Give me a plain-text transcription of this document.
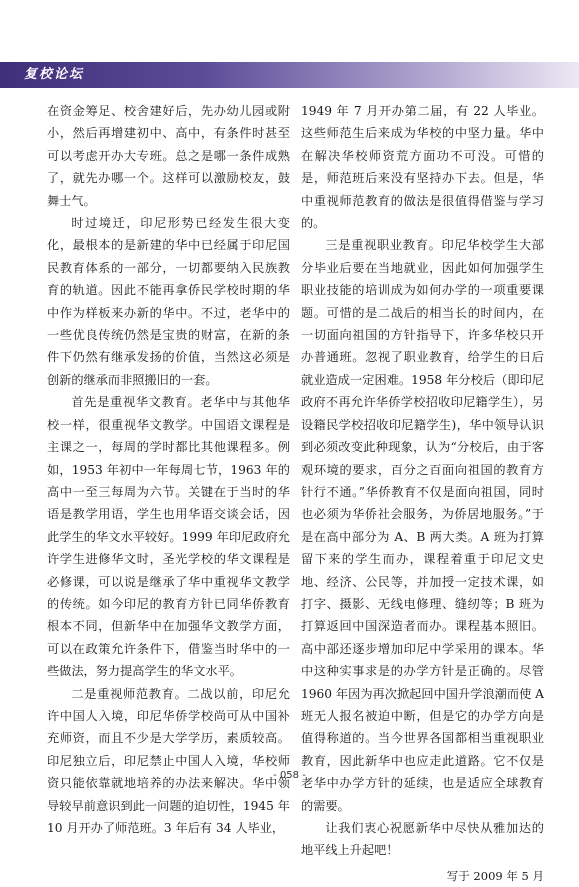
复校论坛

在资金筹足、校舍建好后，先办幼儿园或附小，然后再增建初中、高中，有条件时甚至可以考虑开办大专班。总之是哪一条件成熟了，就先办哪一个。这样可以激励校友，鼓舞士气。

时过境迁，印尼形势已经发生很大变化，最根本的是新建的华中已经属于印尼国民教育体系的一部分，一切都要纳入民族教育的轨道。因此不能再拿侨民学校时期的华中作为样板来办新的华中。不过，老华中的一些优良传统仍然是宝贵的财富，在新的条件下仍然有继承发扬的价值，当然这必须是创新的继承而非照搬旧的一套。

首先是重视华文教育。老华中与其他华校一样，很重视华文教学。中国语文课程是主课之一，每周的学时都比其他课程多。例如，1953 年初中一年每周七节，1963 年的高中一至三每周为六节。关键在于当时的华语是教学用语，学生也用华语交谈会话，因此学生的华文水平较好。1999 年印尼政府允许学生进修华文时，圣光学校的华文课程是必修课，可以说是继承了华中重视华文教学的传统。如今印尼的教育方针已同华侨教育根本不同，但新华中在加强华文教学方面，可以在政策允许条件下，借鉴当时华中的一些做法，努力提高学生的华文水平。

二是重视师范教育。二战以前，印尼允许中国人入境，印尼华侨学校尚可从中国补充师资，而且不少是大学学历，素质较高。印尼独立后，印尼禁止中国人入境，华校师资只能依靠就地培养的办法来解决。华中领导较早前意识到此一问题的迫切性，1945 年 10 月开办了师范班。3 年后有 34 人毕业，

1949 年 7 月开办第二届，有 22 人毕业。这些师范生后来成为华校的中坚力量。华中在解决华校师资荒方面功不可没。可惜的是，师范班后来没有坚持办下去。但是，华中重视师范教育的做法是很值得借鉴与学习的。

三是重视职业教育。印尼华校学生大部分毕业后要在当地就业，因此如何加强学生职业技能的培训成为如何办学的一项重要课题。可惜的是二战后的相当长的时间内，在一切面向祖国的方针指导下，许多华校只开办普通班。忽视了职业教育，给学生的日后就业造成一定困难。1958 年分校后（即印尼政府不再允许华侨学校招收印尼籍学生），另设籍民学校招收印尼籍学生)，华中领导认识到必须改变此种现象，认为“分校后，由于客观环境的要求，百分之百面向祖国的教育方针行不通。”华侨教育不仅是面向祖国，同时也必须为华侨社会服务，为侨居地服务。”于是在高中部分为 A、B 两大类。A 班为打算留下来的学生而办，课程着重于印尼文史地、经济、公民等，并加授一定技术课，如打字、摄影、无线电修理、缝纫等；B 班为打算返回中国深造者而办。课程基本照旧。高中部还逐步增加印尼中学采用的课本。华中这种实事求是的办学方针是正确的。尽管 1960 年因为再次掀起回中国升学浪潮而使 A 班无人报名被迫中断，但是它的办学方向是值得称道的。当今世界各国都相当重视职业教育，因此新华中也应走此道路。它不仅是老华中办学方针的延续，也是适应全球教育的需要。

让我们衷心祝愿新华中尽快从雅加达的地平线上升起吧！

写于 2009 年 5 月

- 058 -
